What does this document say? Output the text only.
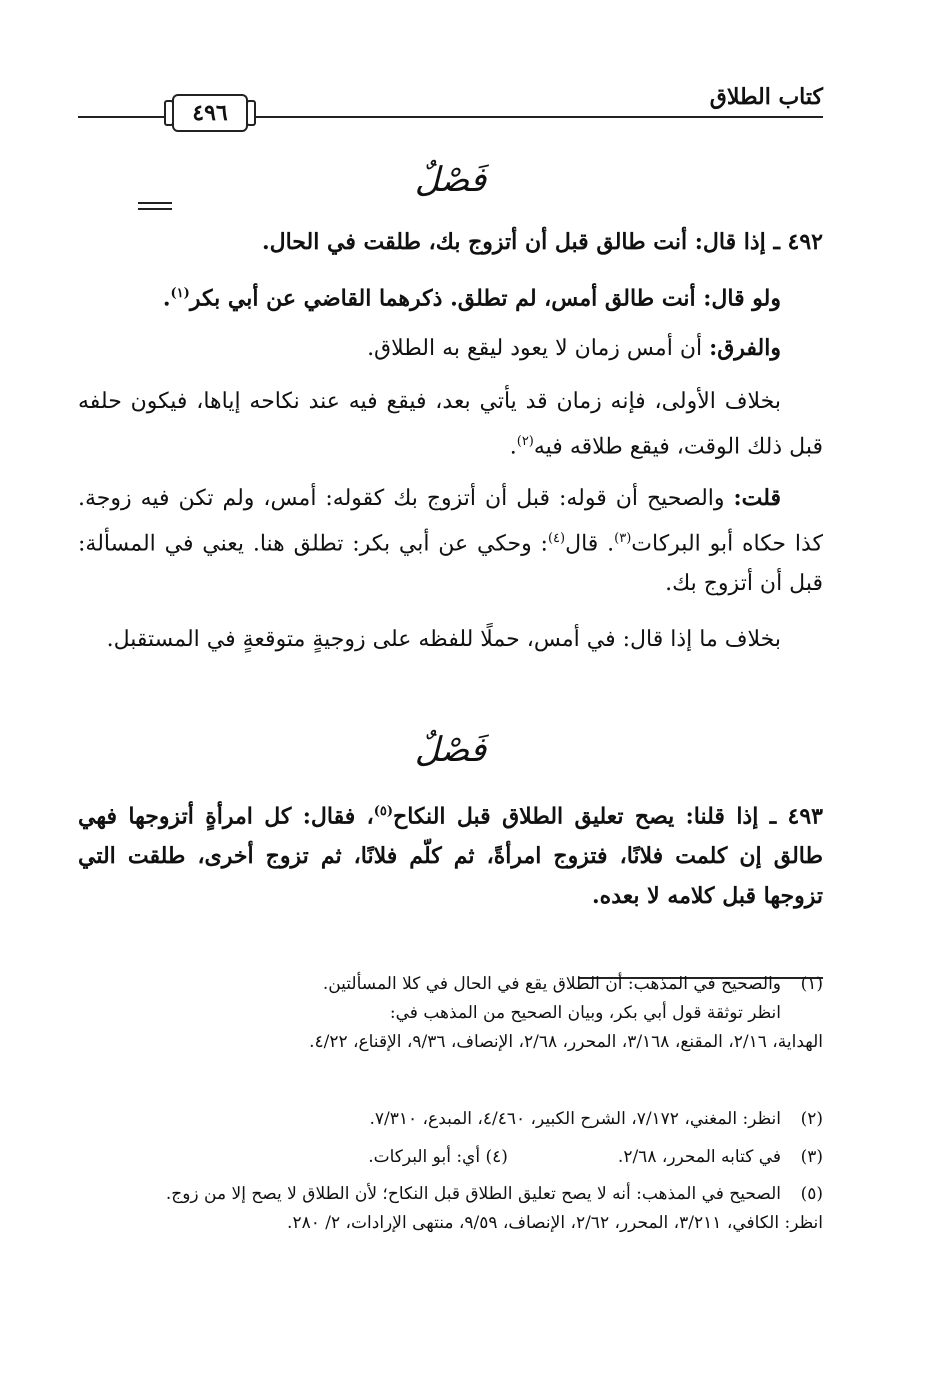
كتاب الطلاق
٤٩٦
فَصْلٌ
٤٩٢ ـ إذا قال: أنت طالق قبل أن أتزوج بك، طلقت في الحال.
ولو قال: أنت طالق أمس، لم تطلق. ذكرهما القاضي عن أبي بكر$^{(١)}$.
والفرق: أن أمس زمان لا يعود ليقع به الطلاق.
بخلاف الأولى، فإنه زمان قد يأتي بعد، فيقع فيه عند نكاحه إياها، فيكون حلفه قبل ذلك الوقت، فيقع طلاقه فيه$^{(٢)}$.
قلت: والصحيح أن قوله: قبل أن أتزوج بك كقوله: أمس، ولم تكن فيه زوجة. كذا حكاه أبو البركات$^{(٣)}$. قال$^{(٤)}$: وحكي عن أبي بكر: تطلق هنا. يعني في المسألة: قبل أن أتزوج بك.
بخلاف ما إذا قال: في أمس، حملًا للفظه على زوجيةٍ متوقعةٍ في المستقبل.
فَصْلٌ
٤٩٣ ـ إذا قلنا: يصح تعليق الطلاق قبل النكاح$^{(٥)}$، فقال: كل امرأةٍ أتزوجها فهي طالق إن كلمت فلانًا، فتزوج امرأةً، ثم كلّم فلانًا، ثم تزوج أخرى، طلقت التي تزوجها قبل كلامه لا بعده.
(١)
والصحيح في المذهب: أن الطلاق يقع في الحال في كلا المسألتين.
انظر توثقة قول أبي بكر، وبيان الصحيح من المذهب في:
الهداية، ٢/١٦، المقنع، ٣/١٦٨، المحرر، ٢/٦٨، الإنصاف، ٩/٣٦، الإقناع، ٤/٢٢.
(٢)
انظر: المغني، ٧/١٧٢، الشرح الكبير، ٤/٤٦٠، المبدع، ٧/٣١٠.
(٣)
في كتابه المحرر، ٢/٦٨.
(٤) أي: أبو البركات.
(٥)
الصحيح في المذهب: أنه لا يصح تعليق الطلاق قبل النكاح؛ لأن الطلاق لا يصح إلا من زوج.
انظر: الكافي، ٣/٢١١، المحرر، ٢/٦٢، الإنصاف، ٩/٥٩، منتهى الإرادات، ٢/ ٢٨٠.
